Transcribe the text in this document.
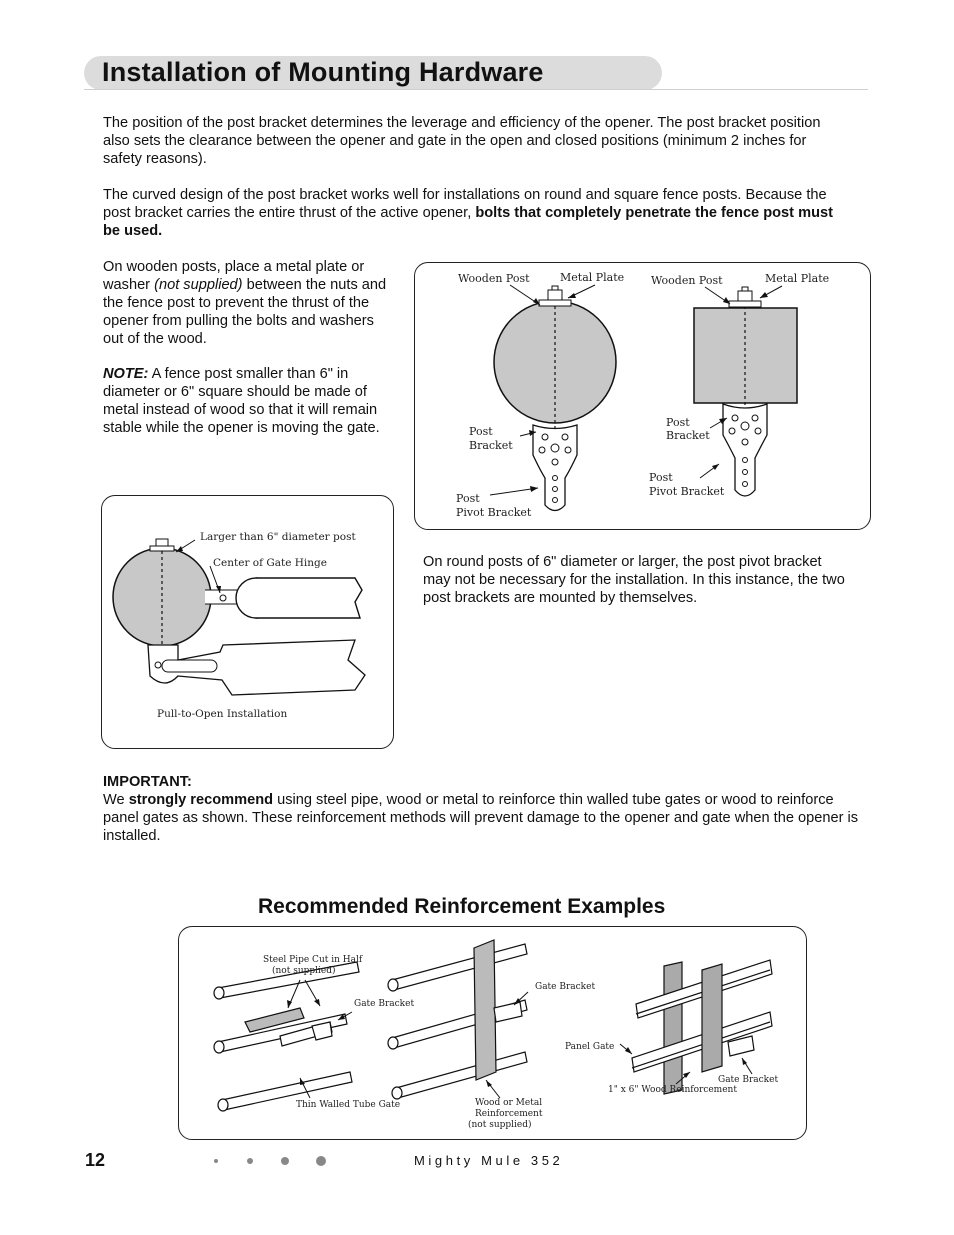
Installation of Mounting Hardware
The position of the post bracket determines the leverage and efficiency of the opener. The post bracket position also sets the clearance between the opener and gate in the open and closed positions (minimum 2 inches for safety reasons).
The curved design of the post bracket works well for installations on round and square fence posts. Because the post bracket carries the entire thrust of the active opener, bolts that completely penetrate the fence post must be used.
On wooden posts, place a metal plate or washer (not supplied) between the nuts and the fence post to prevent the thrust of the opener from pulling the bolts and washers out of the wood.
NOTE: A fence post smaller than 6" in diameter or 6" square should be made of metal instead of wood so that it will remain stable while the opener is moving the gate.
Wooden Post	Metal Plate
Post
Bracket
Post
Pivot Bracket
Wooden Post	Metal Plate
Post
Bracket
Post
Pivot Bracket
Larger than 6" diameter post
Center of Gate Hinge
Pull-to-Open Installation
On round posts of 6" diameter or larger, the post pivot bracket may not be necessary for the installation. In this instance, the two post brackets are mounted by themselves.
IMPORTANT:
We strongly recommend using steel pipe, wood or metal to reinforce thin walled tube gates or wood to reinforce panel gates as shown. These reinforcement methods will prevent damage to the opener and gate when the opener is installed.
Recommended Reinforcement Examples
Steel Pipe Cut in Half
(not supplied)
Gate Bracket
Thin Walled Tube Gate
Gate Bracket
Wood or Metal
Reinforcement
(not supplied)
Panel Gate
Gate Bracket
1" x 6" Wood Reinforcement
12	Mighty Mule 352
